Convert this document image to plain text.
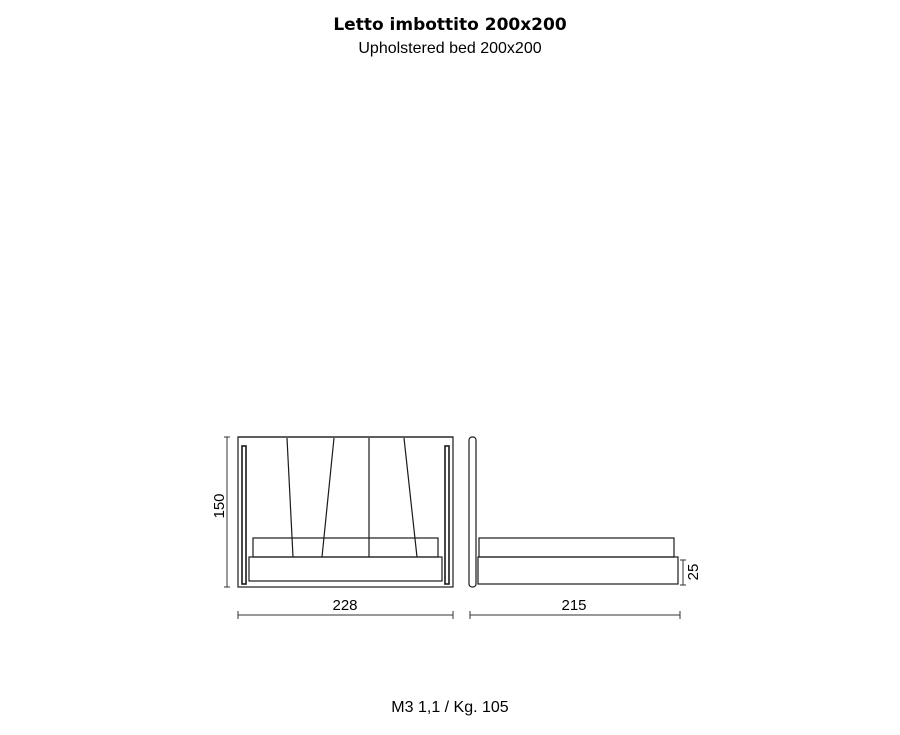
Letto imbottito 200x200
Upholstered bed 200x200
150
228
25
215
M3 1,1 / Kg. 105
